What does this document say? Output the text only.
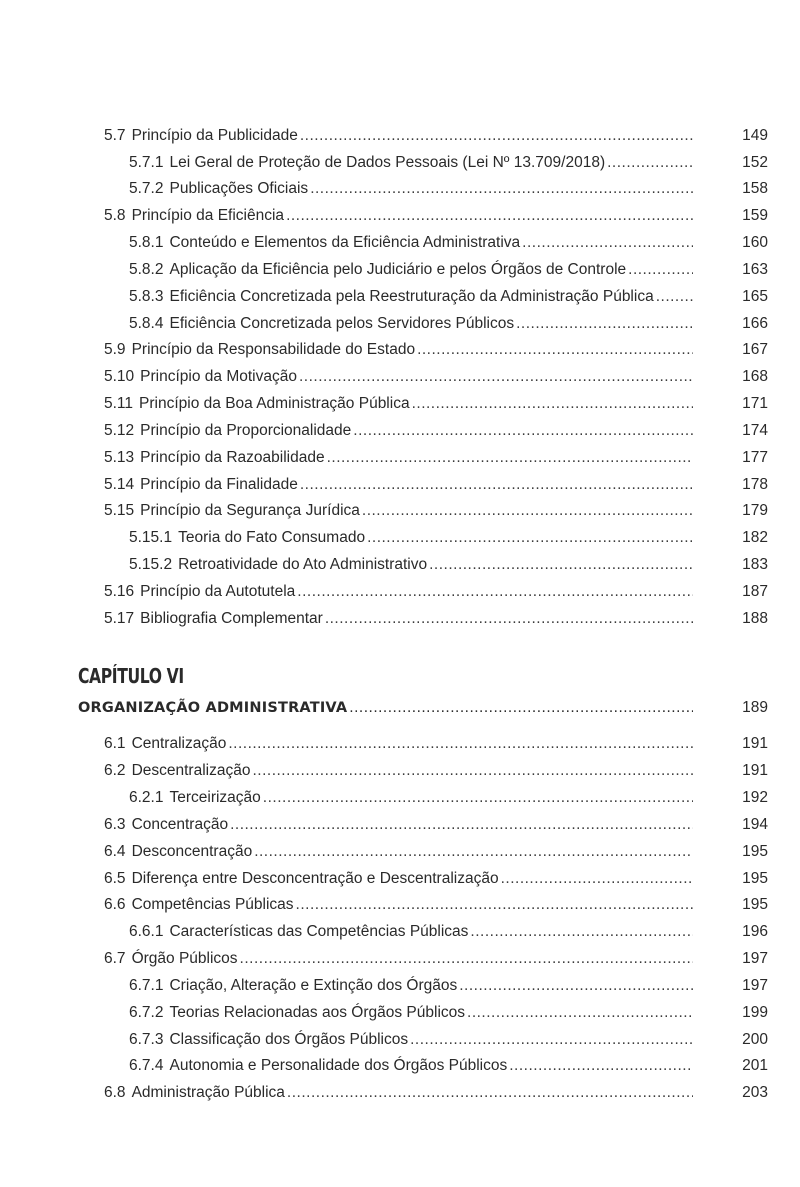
5.7 Princípio da Publicidade .....	149
5.7.1 Lei Geral de Proteção de Dados Pessoais (Lei Nº 13.709/2018) .....	152
5.7.2 Publicações Oficiais .....	158
5.8 Princípio da Eficiência .....	159
5.8.1 Conteúdo e Elementos da Eficiência Administrativa .....	160
5.8.2 Aplicação da Eficiência pelo Judiciário e pelos Órgãos de Controle .....	163
5.8.3 Eficiência Concretizada pela Reestruturação da Administração Pública .....	165
5.8.4 Eficiência Concretizada pelos Servidores Públicos .....	166
5.9 Princípio da Responsabilidade do Estado .....	167
5.10 Princípio da Motivação .....	168
5.11 Princípio da Boa Administração Pública .....	171
5.12 Princípio da Proporcionalidade .....	174
5.13 Princípio da Razoabilidade .....	177
5.14 Princípio da Finalidade .....	178
5.15 Princípio da Segurança Jurídica .....	179
5.15.1 Teoria do Fato Consumado .....	182
5.15.2 Retroatividade do Ato Administrativo .....	183
5.16 Princípio da Autotutela .....	187
5.17 Bibliografia Complementar .....	188
CAPÍTULO VI
ORGANIZAÇÃO ADMINISTRATIVA .....	189
6.1 Centralização .....	191
6.2 Descentralização .....	191
6.2.1 Terceirização .....	192
6.3 Concentração .....	194
6.4 Desconcentração .....	195
6.5 Diferença entre Desconcentração e Descentralização .....	195
6.6 Competências Públicas .....	195
6.6.1 Características das Competências Públicas .....	196
6.7 Órgão Públicos .....	197
6.7.1 Criação, Alteração e Extinção dos Órgãos .....	197
6.7.2 Teorias Relacionadas aos Órgãos Públicos .....	199
6.7.3 Classificação dos Órgãos Públicos .....	200
6.7.4 Autonomia e Personalidade dos Órgãos Públicos .....	201
6.8 Administração Pública .....	203
